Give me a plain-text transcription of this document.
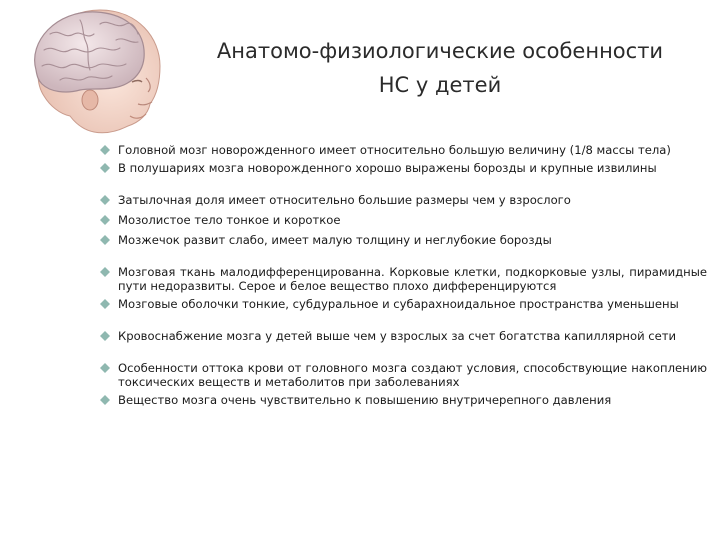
Анатомо-физиологические особенности
НС у детей
Головной мозг новорожденного имеет относительно большую величину (1/8 массы тела)
В полушариях мозга новорожденного хорошо выражены борозды и крупные извилины
Затылочная доля имеет относительно большие размеры чем у взрослого
Мозолистое тело тонкое и короткое
Мозжечок развит слабо, имеет малую толщину и неглубокие борозды
Мозговая ткань малодифференцированна. Корковые клетки, подкорковые узлы, пирамидные пути недоразвиты. Серое и белое вещество плохо дифференцируются
Мозговые оболочки тонкие, субдуральное и субарахноидальное пространства уменьшены
Кровоснабжение мозга у детей выше чем у взрослых за счет богатства капиллярной сети
Особенности оттока крови от головного мозга создают условия, способствующие накоплению токсических веществ и метаболитов при заболеваниях
Вещество мозга очень чувствительно к повышению внутричерепного давления
